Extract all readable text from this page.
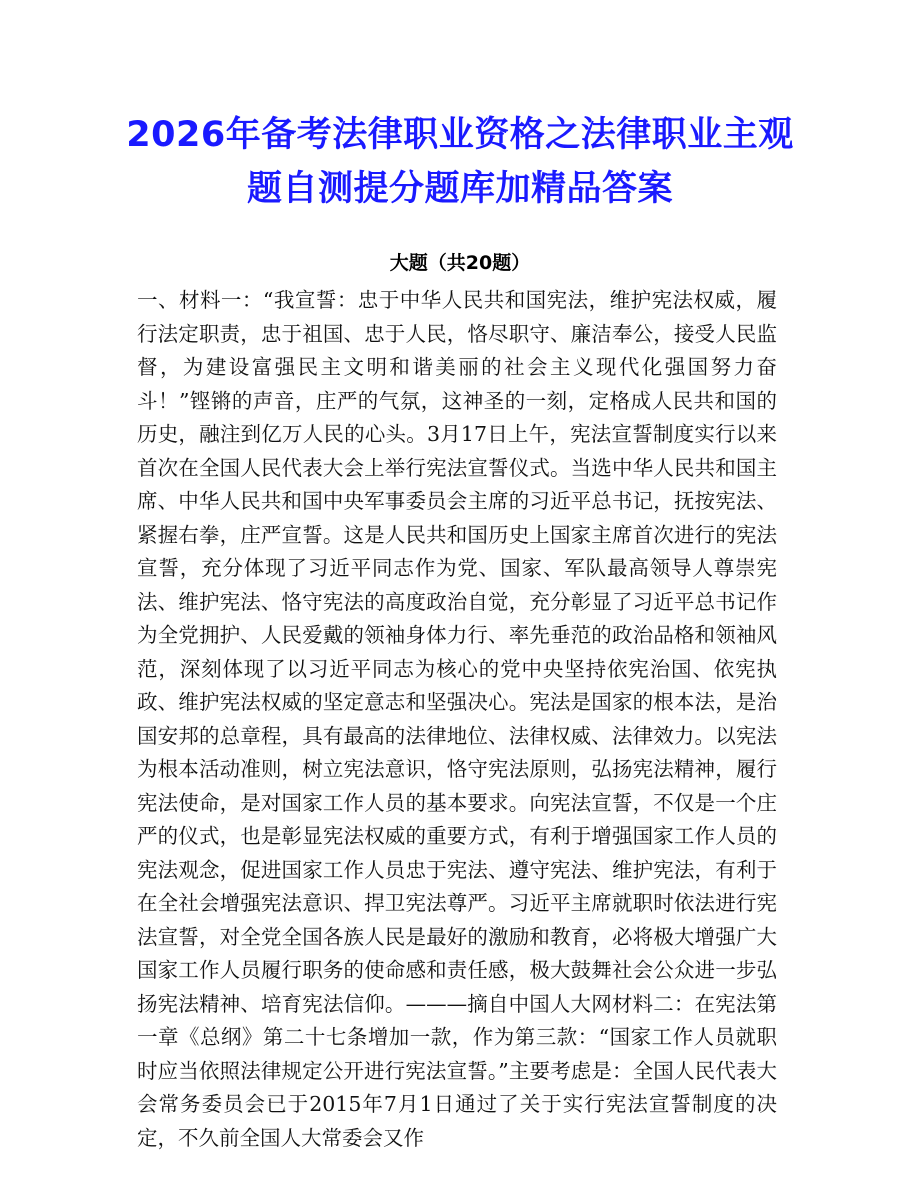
2026年备考法律职业资格之法律职业主观题自测提分题库加精品答案
大题（共20题）

一、材料一：“我宣誓：忠于中华人民共和国宪法，维护宪法权威，履行法定职责，忠于祖国、忠于人民，恪尽职守、廉洁奉公，接受人民监督，为建设富强民主文明和谐美丽的社会主义现代化强国努力奋斗！”铿锵的声音，庄严的气氛，这神圣的一刻，定格成人民共和国的历史，融注到亿万人民的心头。3月17日上午，宪法宣誓制度实行以来首次在全国人民代表大会上举行宪法宣誓仪式。当选中华人民共和国主席、中华人民共和国中央军事委员会主席的习近平总书记，抚按宪法、紧握右拳，庄严宣誓。这是人民共和国历史上国家主席首次进行的宪法宣誓，充分体现了习近平同志作为党、国家、军队最高领导人尊崇宪法、维护宪法、恪守宪法的高度政治自觉，充分彰显了习近平总书记作为全党拥护、人民爱戴的领袖身体力行、率先垂范的政治品格和领袖风范，深刻体现了以习近平同志为核心的党中央坚持依宪治国、依宪执政、维护宪法权威的坚定意志和坚强决心。宪法是国家的根本法，是治国安邦的总章程，具有最高的法律地位、法律权威、法律效力。以宪法为根本活动准则，树立宪法意识，恪守宪法原则，弘扬宪法精神，履行宪法使命，是对国家工作人员的基本要求。向宪法宣誓，不仅是一个庄严的仪式，也是彰显宪法权威的重要方式，有利于增强国家工作人员的宪法观念，促进国家工作人员忠于宪法、遵守宪法、维护宪法，有利于在全社会增强宪法意识、捍卫宪法尊严。习近平主席就职时依法进行宪法宣誓，对全党全国各族人民是最好的激励和教育，必将极大增强广大国家工作人员履行职务的使命感和责任感，极大鼓舞社会公众进一步弘扬宪法精神、培育宪法信仰。———摘自中国人大网材料二：在宪法第一章《总纲》第二十七条增加一款，作为第三款：“国家工作人员就职时应当依照法律规定公开进行宪法宣誓。”主要考虑是：全国人民代表大会常务委员会已于2015年7月1日通过了关于实行宪法宣誓制度的决定，不久前全国人大常委会又作
